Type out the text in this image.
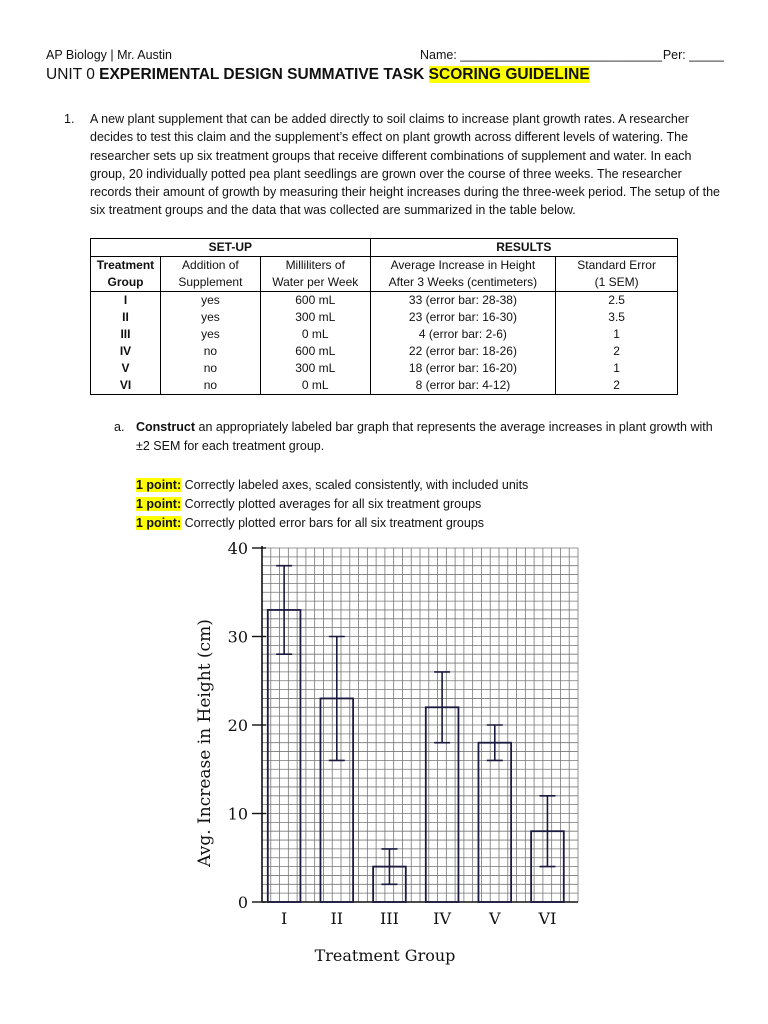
AP Biology | Mr. Austin	Name: _____________________________ Per: _____
UNIT 0 EXPERIMENTAL DESIGN SUMMATIVE TASK SCORING GUIDELINE
1. A new plant supplement that can be added directly to soil claims to increase plant growth rates. A researcher decides to test this claim and the supplement’s effect on plant growth across different levels of watering. The researcher sets up six treatment groups that receive different combinations of supplement and water. In each group, 20 individually potted pea plant seedlings are grown over the course of three weeks. The researcher records their amount of growth by measuring their height increases during the three-week period. The setup of the six treatment groups and the data that was collected are summarized in the table below.
SET-UP			RESULTS	
Treatment	Addition of	Milliliters of	Average Increase in Height	Standard Error
Group	Supplement	Water per Week	After 3 Weeks (centimeters)	(1 SEM)
I	yes	600 mL	33 (error bar: 28-38)	2.5
II	yes	300 mL	23 (error bar: 16-30)	3.5
III	yes	0 mL	4 (error bar: 2-6)	1
IV	no	600 mL	22 (error bar: 18-26)	2
V	no	300 mL	18 (error bar: 16-20)	1
VI	no	0 mL	8 (error bar: 4-12)	2
a. Construct an appropriately labeled bar graph that represents the average increases in plant growth with ±2 SEM for each treatment group.
1 point: Correctly labeled axes, scaled consistently, with included units
1 point: Correctly plotted averages for all six treatment groups
1 point: Correctly plotted error bars for all six treatment groups
0
10
20
30
40
I	II III IV V VI
Avg. Increase in Height (cm)
Treatment Group
